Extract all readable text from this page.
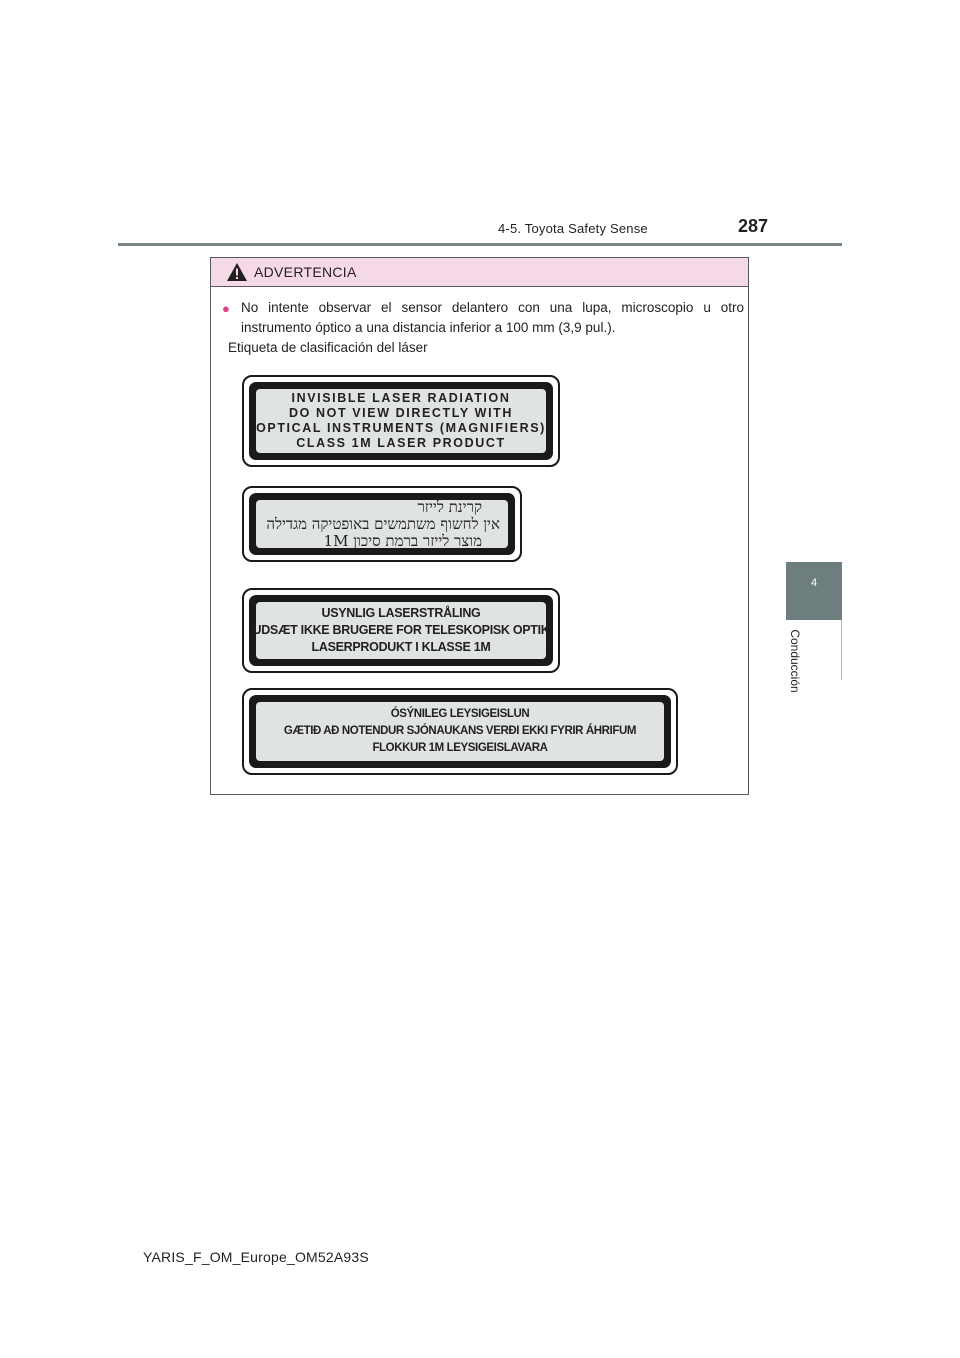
4-5. Toyota Safety Sense	287
4
Conducción
ADVERTENCIA
● No intente observar el sensor delantero con una lupa, microscopio u otro instrumento óptico a una distancia inferior a 100 mm (3,9 pul.).
Etiqueta de clasificación del láser
INVISIBLE LASER RADIATION
DO NOT VIEW DIRECTLY WITH
OPTICAL INSTRUMENTS (MAGNIFIERS)
CLASS 1M LASER PRODUCT
קרינת לייזר
אין לחשוף משתמשים באופטיקה מגדילה
מוצר לייזר ברמת סיכון 1M
USYNLIG LASERSTRÅLING
UDSÆT IKKE BRUGERE FOR TELESKOPISK OPTIK
LASERPRODUKT I KLASSE 1M
ÓSÝNILEG LEYSIGEISLUN
GÆTIÐ AÐ NOTENDUR SJÓNAUKANS VERÐI EKKI FYRIR ÁHRIFUM
FLOKKUR 1M LEYSIGEISLAVARA
YARIS_F_OM_Europe_OM52A93S
